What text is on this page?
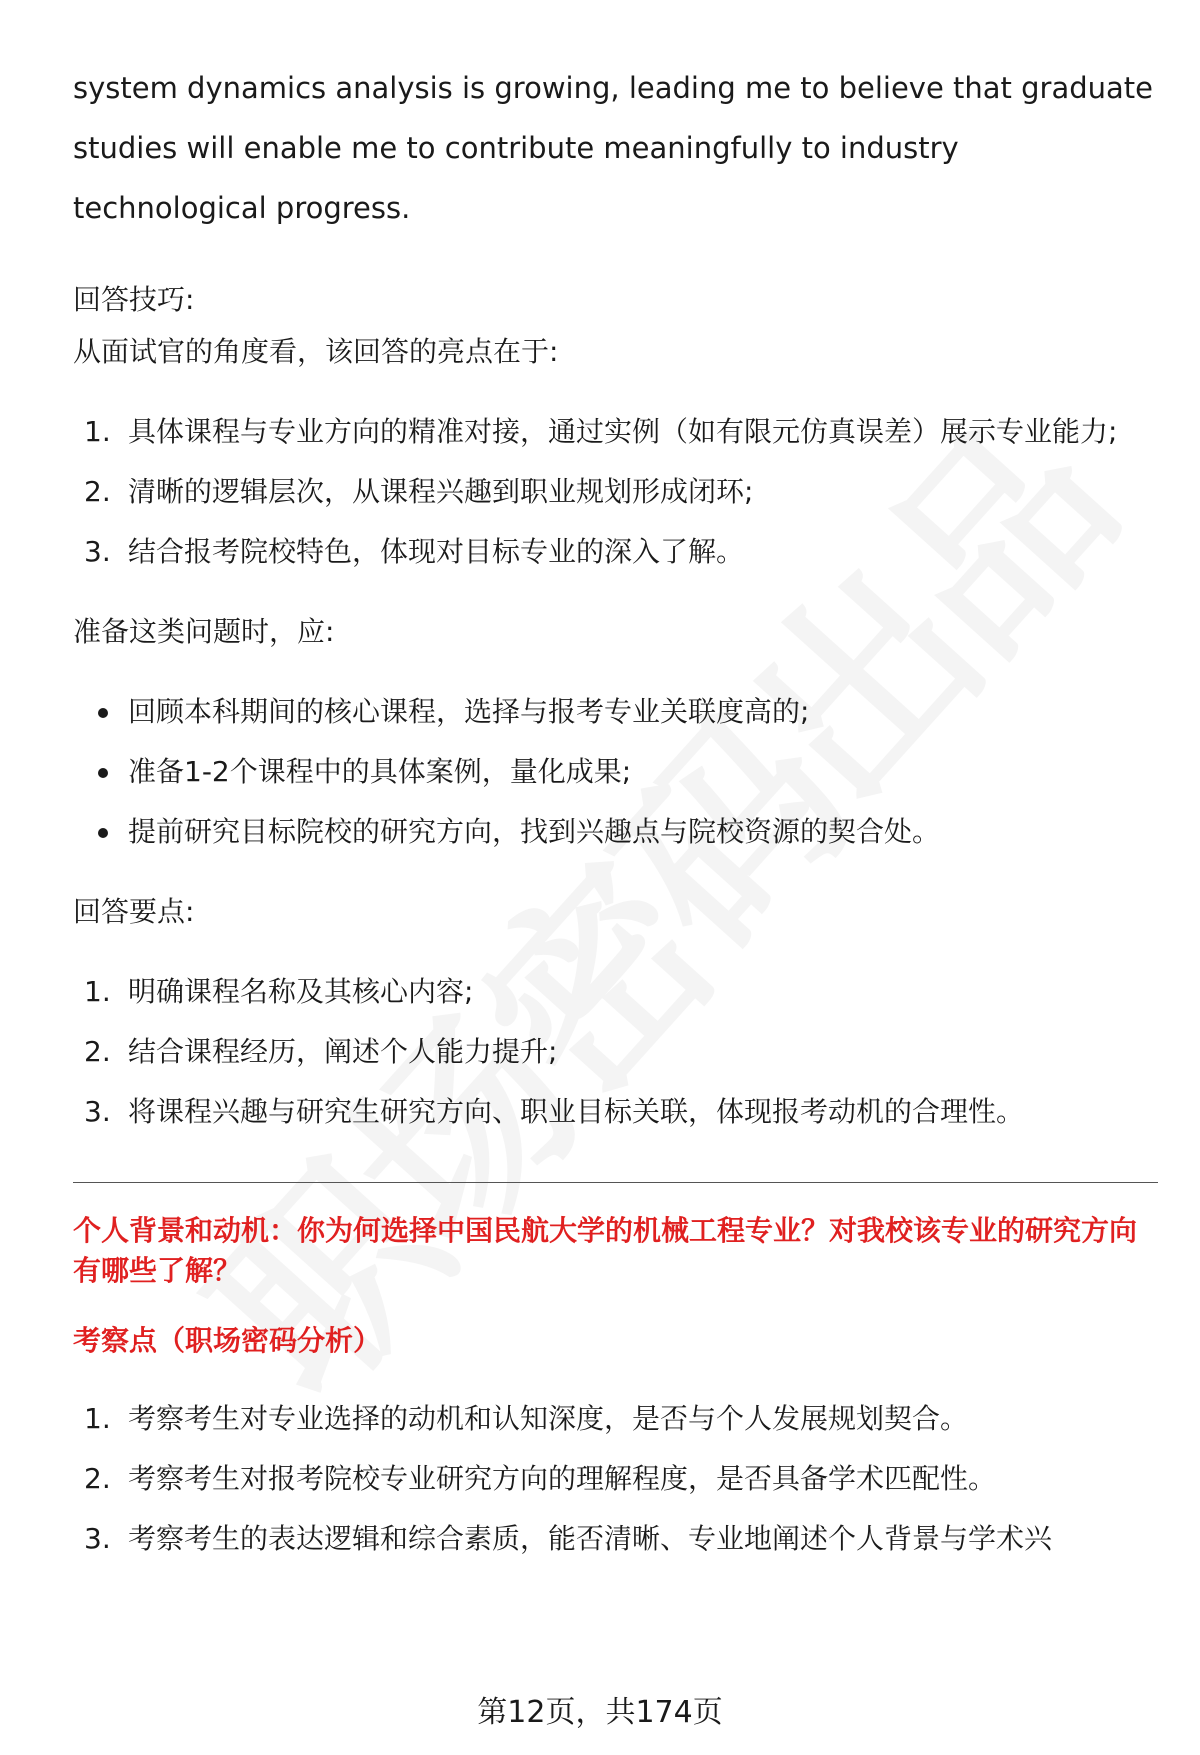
system dynamics analysis is growing, leading me to believe that graduate studies will enable me to contribute meaningfully to industry technological progress.

回答技巧:

从面试官的角度看，该回答的亮点在于:

1. 具体课程与专业方向的精准对接，通过实例（如有限元仿真误差）展示专业能力;
2. 清晰的逻辑层次，从课程兴趣到职业规划形成闭环;
3. 结合报考院校特色，体现对目标专业的深入了解。

准备这类问题时，应:

回顾本科期间的核心课程，选择与报考专业关联度高的;
准备1-2个课程中的具体案例，量化成果;
提前研究目标院校的研究方向，找到兴趣点与院校资源的契合处。

回答要点:

1. 明确课程名称及其核心内容;
2. 结合课程经历，阐述个人能力提升;
3. 将课程兴趣与研究生研究方向、职业目标关联，体现报考动机的合理性。

个人背景和动机：你为何选择中国民航大学的机械工程专业？对我校该专业的研究方向有哪些了解？

考察点（职场密码分析）

1. 考察考生对专业选择的动机和认知深度，是否与个人发展规划契合。
2. 考察考生对报考院校专业研究方向的理解程度，是否具备学术匹配性。
3. 考察考生的表达逻辑和综合素质，能否清晰、专业地阐述个人背景与学术兴
第12页，共174页
